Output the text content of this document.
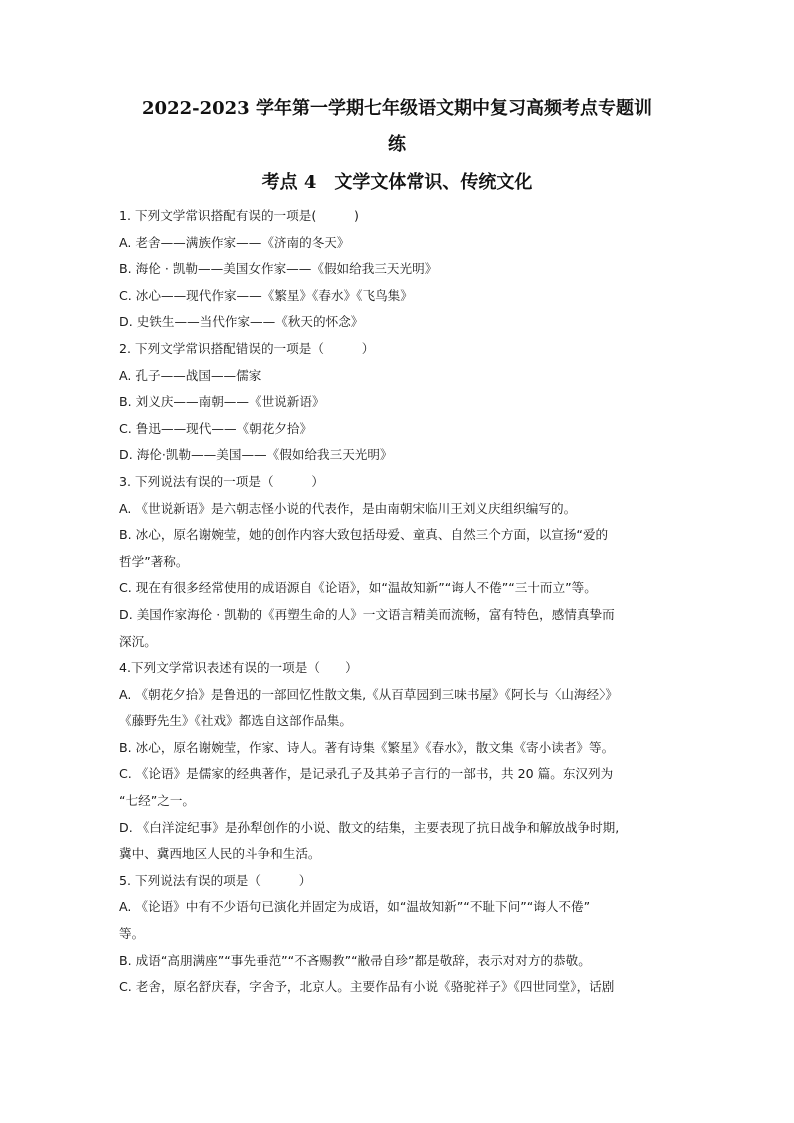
2022-2023 学年第一学期七年级语文期中复习高频考点专题训
练
考点 4　文学文体常识、传统文化
1. 下列文学常识搭配有误的一项是(　　　)
A. 老舍——满族作家——《济南的冬天》
B. 海伦 · 凯勒——美国女作家——《假如给我三天光明》
C. 冰心——现代作家——《繁星》《春水》《飞鸟集》
D. 史铁生——当代作家——《秋天的怀念》
2. 下列文学常识搭配错误的一项是（　　　）
A. 孔子——战国——儒家
B. 刘义庆——南朝——《世说新语》
C. 鲁迅——现代——《朝花夕拾》
D. 海伦·凯勒——美国——《假如给我三天光明》
3. 下列说法有误的一项是（　　　）
A. 《世说新语》是六朝志怪小说的代表作，是由南朝宋临川王刘义庆组织编写的。
B. 冰心，原名谢婉莹，她的创作内容大致包括母爱、童真、自然三个方面，以宣扬“爱的
哲学”著称。
C. 现在有很多经常使用的成语源自《论语》，如“温故知新”“诲人不倦”“三十而立”等。
D. 美国作家海伦 · 凯勒的《再塑生命的人》一文语言精美而流畅，富有特色，感情真挚而
深沉。
4.下列文学常识表述有误的一项是（　　）
A. 《朝花夕拾》是鲁迅的一部回忆性散文集,《从百草园到三味书屋》《阿长与〈山海经〉》
《藤野先生》《社戏》都选自这部作品集。
B. 冰心，原名谢婉莹，作家、诗人。著有诗集《繁星》《春水》，散文集《寄小读者》等。
C. 《论语》是儒家的经典著作，是记录孔子及其弟子言行的一部书，共 20 篇。东汉列为
“七经”之一。
D. 《白洋淀纪事》是孙犁创作的小说、散文的结集，主要表现了抗日战争和解放战争时期,
冀中、冀西地区人民的斗争和生活。
5. 下列说法有误的项是（　　　）
A. 《论语》中有不少语句已演化并固定为成语，如“温故知新”“不耻下问”“诲人不倦”
等。
B. 成语“高朋满座”“事先垂范”“不吝赐教”“敝帚自珍”都是敬辞，表示对对方的恭敬。
C. 老舍，原名舒庆春，字舍予，北京人。主要作品有小说《骆驼祥子》《四世同堂》，话剧
